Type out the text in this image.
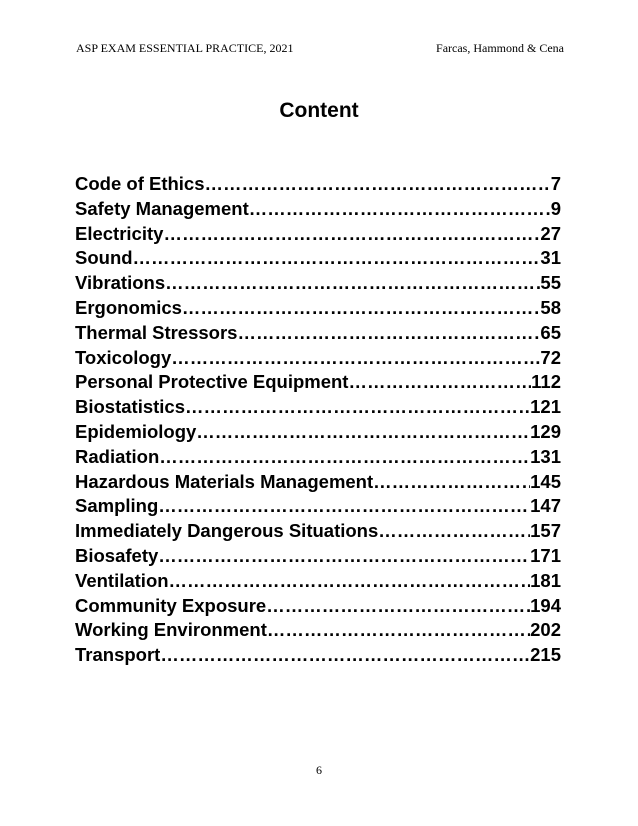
ASP EXAM ESSENTIAL PRACTICE, 2021	Farcas, Hammond & Cena
Content
Code of Ethics ………………………………………………………………………………………………………………………………	7
Safety Management ………………………………………………………………………………………………………………………………	9
Electricity ………………………………………………………………………………………………………………………………	27
Sound ………………………………………………………………………………………………………………………………	31
Vibrations ………………………………………………………………………………………………………………………………	55
Ergonomics ………………………………………………………………………………………………………………………………	58
Thermal Stressors ………………………………………………………………………………………………………………………………	65
Toxicology ………………………………………………………………………………………………………………………………	72
Personal Protective Equipment ………………………………………………………………………………………………………………………………	112
Biostatistics ………………………………………………………………………………………………………………………………	121
Epidemiology ………………………………………………………………………………………………………………………………	129
Radiation ………………………………………………………………………………………………………………………………	131
Hazardous Materials Management ………………………………………………………………………………………………………………………………	145
Sampling ………………………………………………………………………………………………………………………………	147
Immediately Dangerous Situations ………………………………………………………………………………………………………………………………	157
Biosafety ………………………………………………………………………………………………………………………………	171
Ventilation ………………………………………………………………………………………………………………………………	181
Community Exposure ………………………………………………………………………………………………………………………………	194
Working Environment ………………………………………………………………………………………………………………………………	202
Transport ………………………………………………………………………………………………………………………………	215
6
